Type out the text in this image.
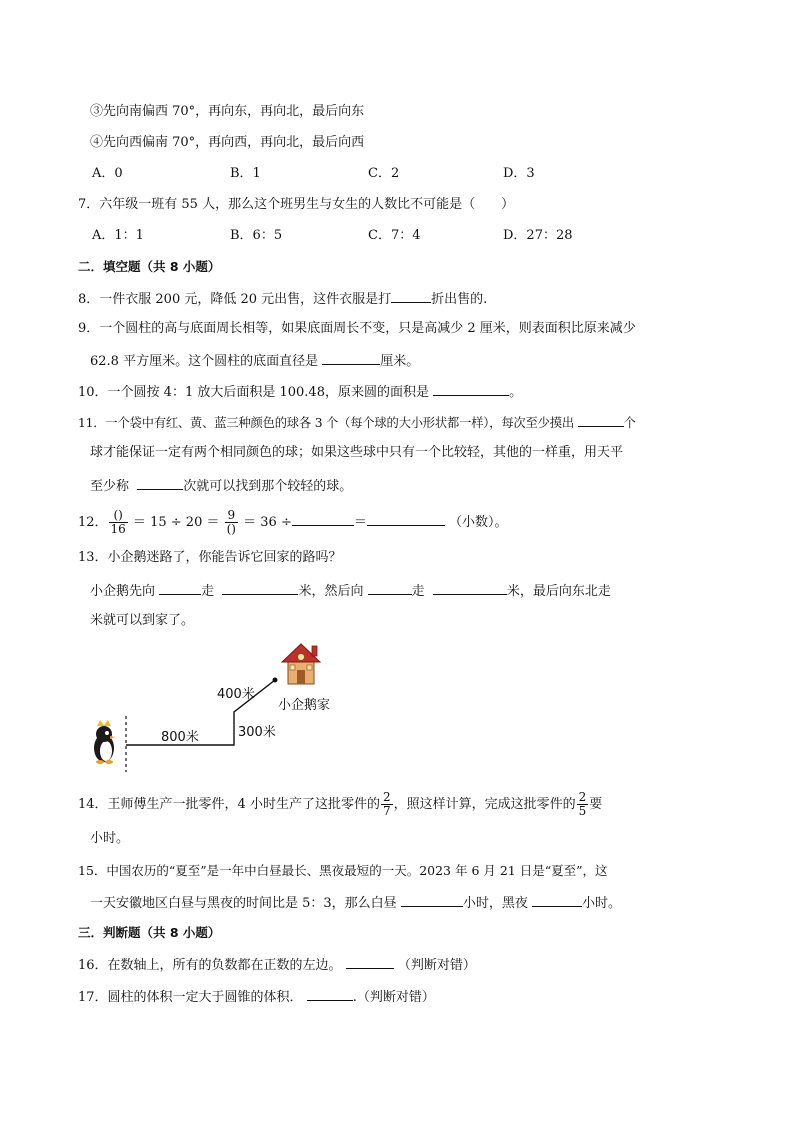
③先向南偏西 70°，再向东，再向北，最后向东
④先向西偏南 70°，再向西，再向北，最后向西
A．0	B．1	C．2	D．3
7．六年级一班有 55 人，那么这个班男生与女生的人数比不可能是（　　）
A．1：1	B．6：5	C．7：4	D．27：28
二．填空题（共 8 小题）
8．一件衣服 200 元，降低 20 元出售，这件衣服是打	折出售的.
9．一个圆柱的高与底面周长相等，如果底面周长不变，只是高减少 2 厘米，则表面积比原来减少
62.8 平方厘米。这个圆柱的底面直径是	厘米。
10．一个圆按 4：1 放大后面积是 100.48，原来圆的面积是	。
11．一个袋中有红、黄、蓝三种颜色的球各 3 个（每个球的大小形状都一样），每次至少摸出	个
球才能保证一定有两个相同颜色的球；如果这些球中只有一个比较轻，其他的一样重，用天平
至少称	次就可以找到那个较轻的球。
12． $\frac{()}{16} = 15 \div 20 = \frac{9}{()} = 36$ ÷	＝	（小数）。
13．小企鹅迷路了，你能告诉它回家的路吗？
小企鹅先向	走	米，然后向	走	米，最后向东北走
米就可以到家了。
800米	300米
400米
小企鹅家
14．王师傅生产一批零件，4 小时生产了这批零件的 $\frac{2}{7}$ ，照这样计算，完成这批零件的 $\frac{2}{5}$ 要
小时。
15．中国农历的“夏至”是一年中白昼最长、黑夜最短的一天。2023 年 6 月 21 日是“夏至”，这
一天安徽地区白昼与黑夜的时间比是 5：3，那么白昼	小时，黑夜	小时。
三．判断题（共 8 小题）
16．在数轴上，所有的负数都在正数的左边。	（判断对错）
17．圆柱的体积一定大于圆锥的体积．	.（判断对错）
